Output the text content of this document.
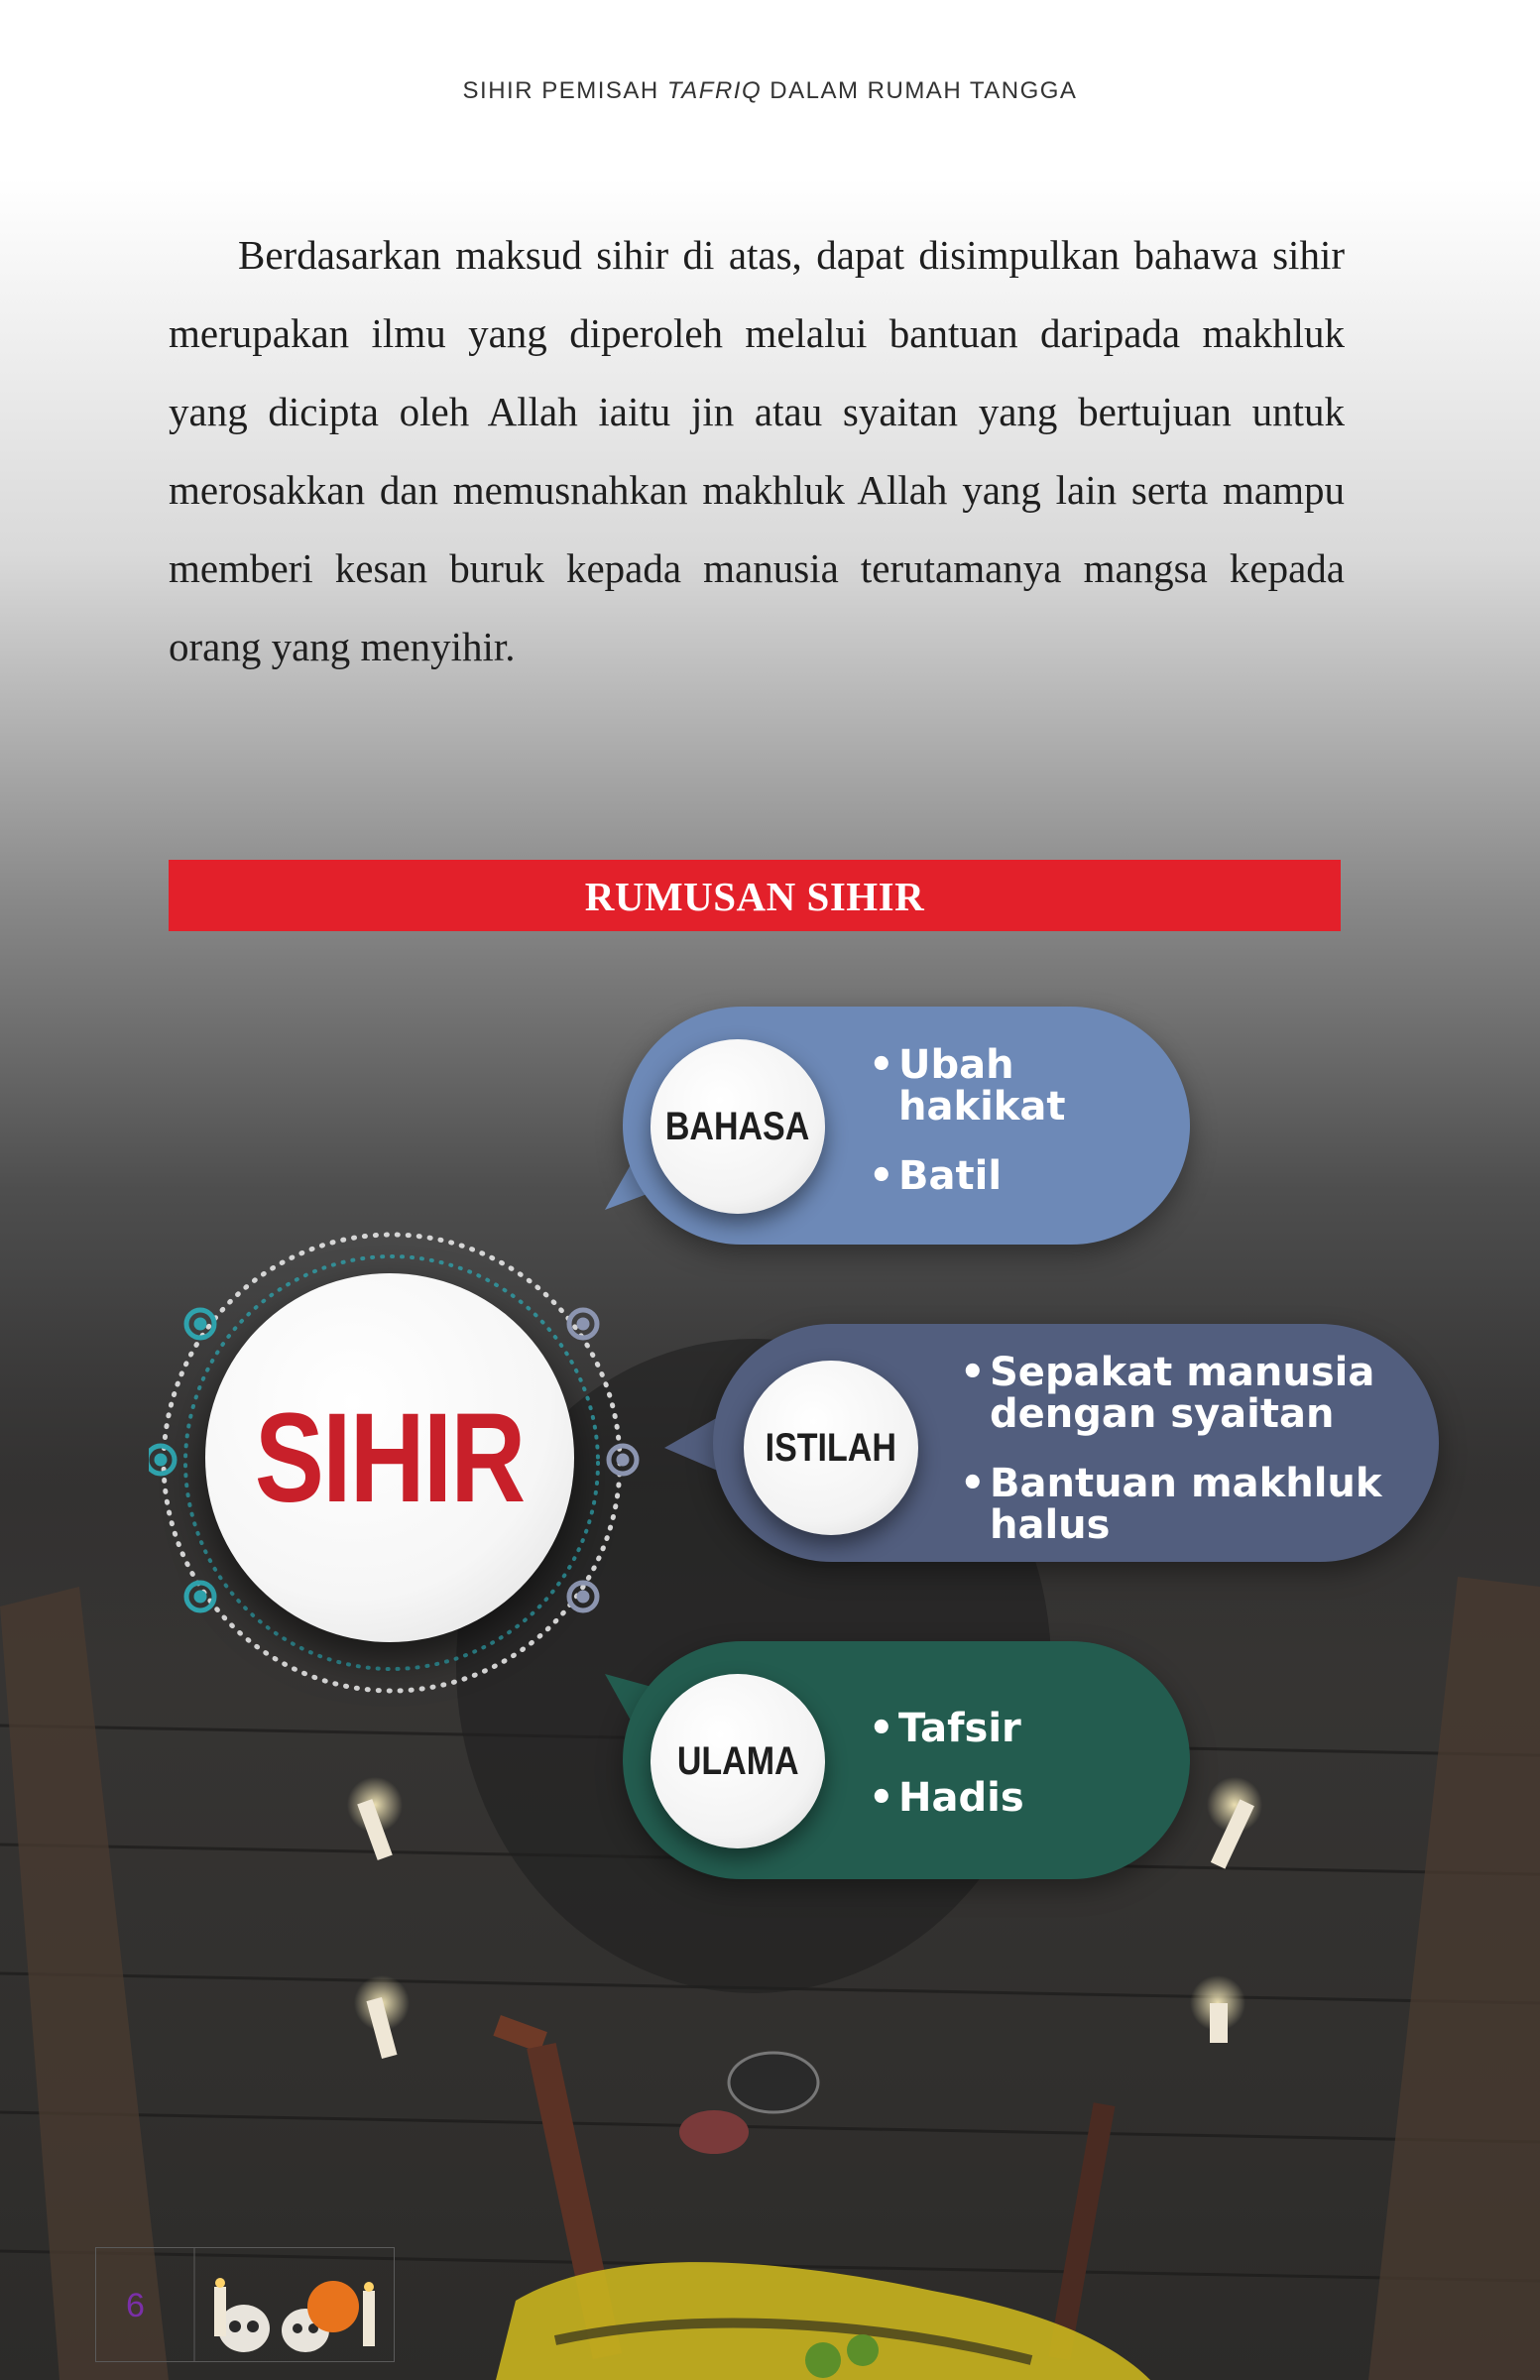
SIHIR PEMISAH TAFRIQ DALAM RUMAH TANGGA

Berdasarkan maksud sihir di atas, dapat disimpulkan bahawa sihir merupakan ilmu yang diperoleh melalui bantuan daripada makhluk yang dicipta oleh Allah iaitu jin atau syaitan yang bertujuan untuk merosakkan dan memusnahkan makhluk Allah yang lain serta mampu memberi kesan buruk kepada manusia terutamanya mangsa kepada orang yang menyihir.

RUMUSAN SIHIR
BAHASA
ISTILAH
ULAMA
• Ubah hakikat
• Batil
• Sepakat manusia dengan syaitan
• Bantuan makhluk halus
• Tafsir
• Hadis
SIHIR
6
